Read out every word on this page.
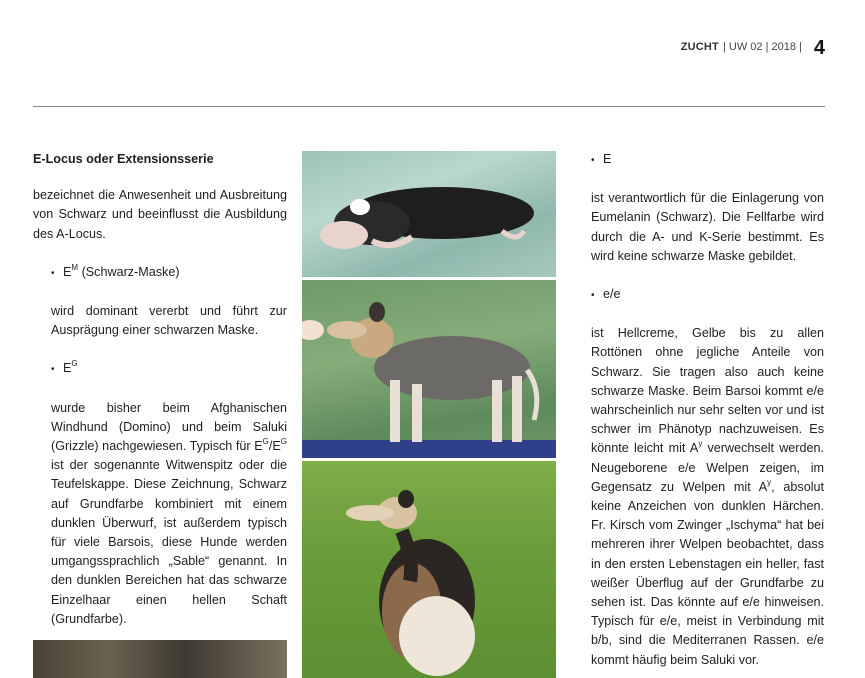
ZUCHT | UW 02 | 2018 | 4
E-Locus oder Extensionsserie

bezeichnet die Anwesenheit und Ausbreitung von Schwarz und beeinflusst die Ausbildung des A-Locus.

• $E^M$ (Schwarz-Maske)

wird dominant vererbt und führt zur Ausprägung einer schwarzen Maske.

• $E^G$

wurde bisher beim Afghanischen Windhund (Domino) und beim Saluki (Grizzle) nachgewiesen. Typisch für $E^G/E^G$ ist der sogenannte Witwenspitz oder die Teufelskappe. Diese Zeichnung, Schwarz auf Grundfarbe kombiniert mit einem dunklen Überwurf, ist außerdem typisch für viele Barsois, diese Hunde werden umgangssprachlich „Sable“ genannt. In den dunklen Bereichen hat das schwarze Einzelhaar einen hellen Schaft (Grundfarbe).

• E

ist verantwortlich für die Einlagerung von Eumelanin (Schwarz). Die Fellfarbe wird durch die A- und K-Serie bestimmt. Es wird keine schwarze Maske gebildet.

• e/e

ist Hellcreme, Gelbe bis zu allen Rottönen ohne jegliche Anteile von Schwarz. Sie tragen also auch keine schwarze Maske. Beim Barsoi kommt e/e wahrscheinlich nur sehr selten vor und ist schwer im Phänotyp nachzuweisen. Es könnte leicht mit $A^y$ verwechselt werden. Neugeborene e/e Welpen zeigen, im Gegensatz zu Welpen mit $A^y$, absolut keine Anzeichen von dunklen Härchen. Fr. Kirsch vom Zwinger „Ischyma“ hat bei mehreren ihrer Welpen beobachtet, dass in den ersten Lebenstagen ein heller, fast weißer Überflug auf der Grundfarbe zu sehen ist. Das könnte auf e/e hinweisen. Typisch für e/e, meist in Verbindung mit b/b, sind die Mediterranen Rassen. e/e kommt häufig beim Saluki vor.
